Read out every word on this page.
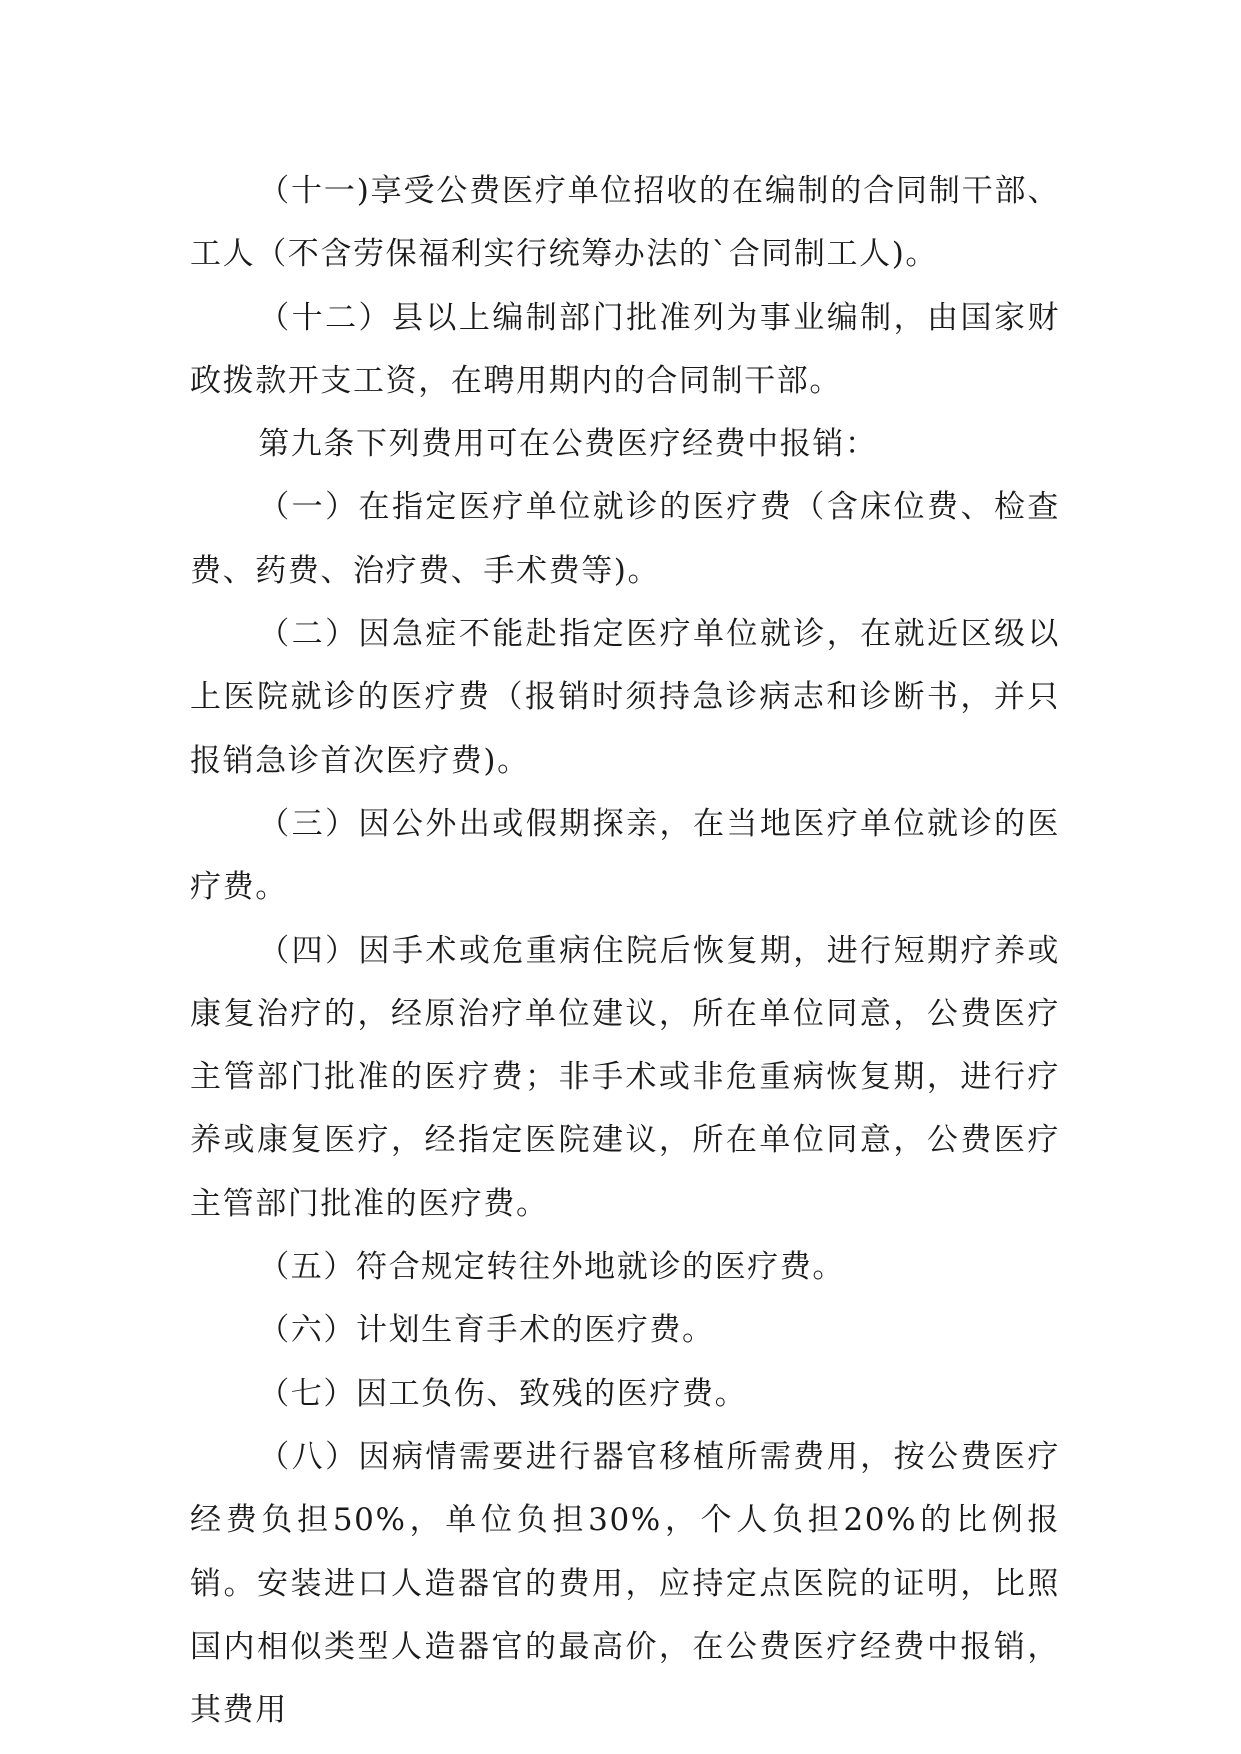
（十一)享受公费医疗单位招收的在编制的合同制干部、工人（不含劳保福利实行统筹办法的`合同制工人)。

（十二）县以上编制部门批准列为事业编制，由国家财政拨款开支工资，在聘用期内的合同制干部。

第九条下列费用可在公费医疗经费中报销：

（一）在指定医疗单位就诊的医疗费（含床位费、检查费、药费、治疗费、手术费等)。

（二）因急症不能赴指定医疗单位就诊，在就近区级以上医院就诊的医疗费（报销时须持急诊病志和诊断书，并只报销急诊首次医疗费)。

（三）因公外出或假期探亲，在当地医疗单位就诊的医疗费。

（四）因手术或危重病住院后恢复期，进行短期疗养或康复治疗的，经原治疗单位建议，所在单位同意，公费医疗主管部门批准的医疗费；非手术或非危重病恢复期，进行疗养或康复医疗，经指定医院建议，所在单位同意，公费医疗主管部门批准的医疗费。

（五）符合规定转往外地就诊的医疗费。

（六）计划生育手术的医疗费。

（七）因工负伤、致残的医疗费。

（八）因病情需要进行器官移植所需费用，按公费医疗经费负担50%，单位负担30%，个人负担20%的比例报销。安装进口人造器官的费用，应持定点医院的证明，比照国内相似类型人造器官的最高价，在公费医疗经费中报销，其费用
